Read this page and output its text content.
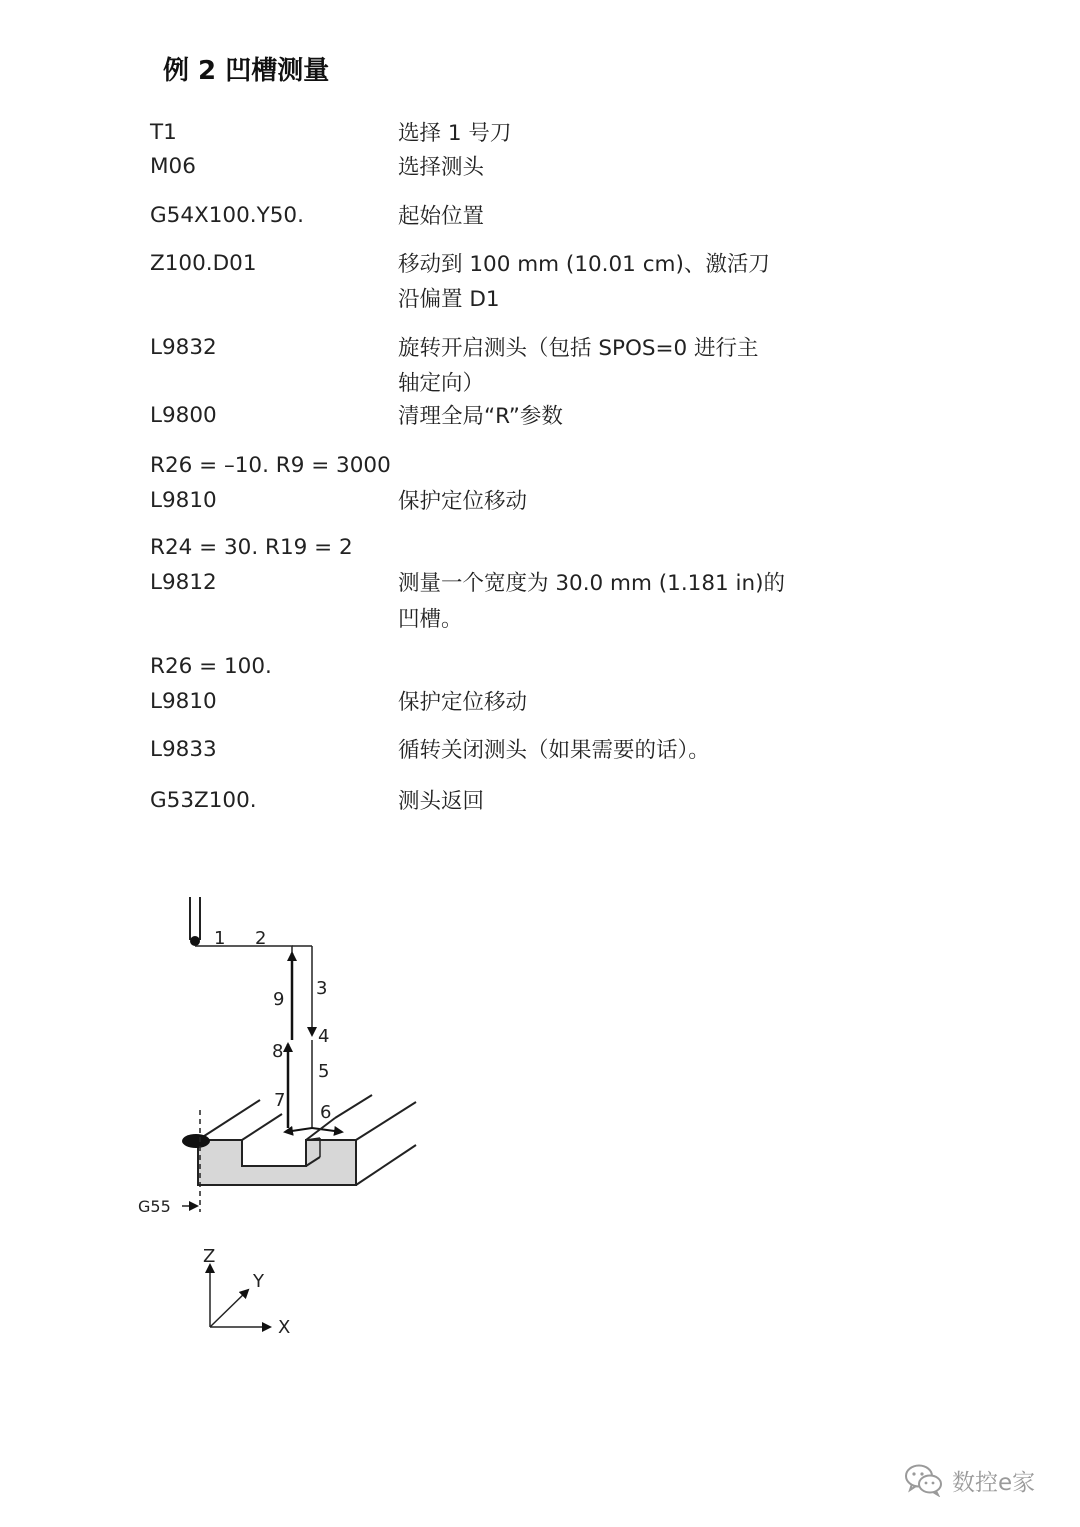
例 2 凹槽测量
T1	选择 1 号刀
M06	选择测头
G54X100.Y50.	起始位置
Z100.D01	移动到 100 mm (10.01 cm)、激活刀
沿偏置 D1
L9832	旋转开启测头（包括 SPOS=0 进行主
轴定向）
L9800	清理全局“R”参数
R26 = –10. R9 = 3000
L9810	保护定位移动
R24 = 30. R19 = 2
L9812	测量一个宽度为 30.0 mm (1.181 in)的
凹槽。
R26 = 100.
L9810	保护定位移动
L9833	循转关闭测头（如果需要的话）。
G53Z100.	测头返回
1 2
3
4
5
6
7
8
9
G55
Z
Y
X
数控e家
